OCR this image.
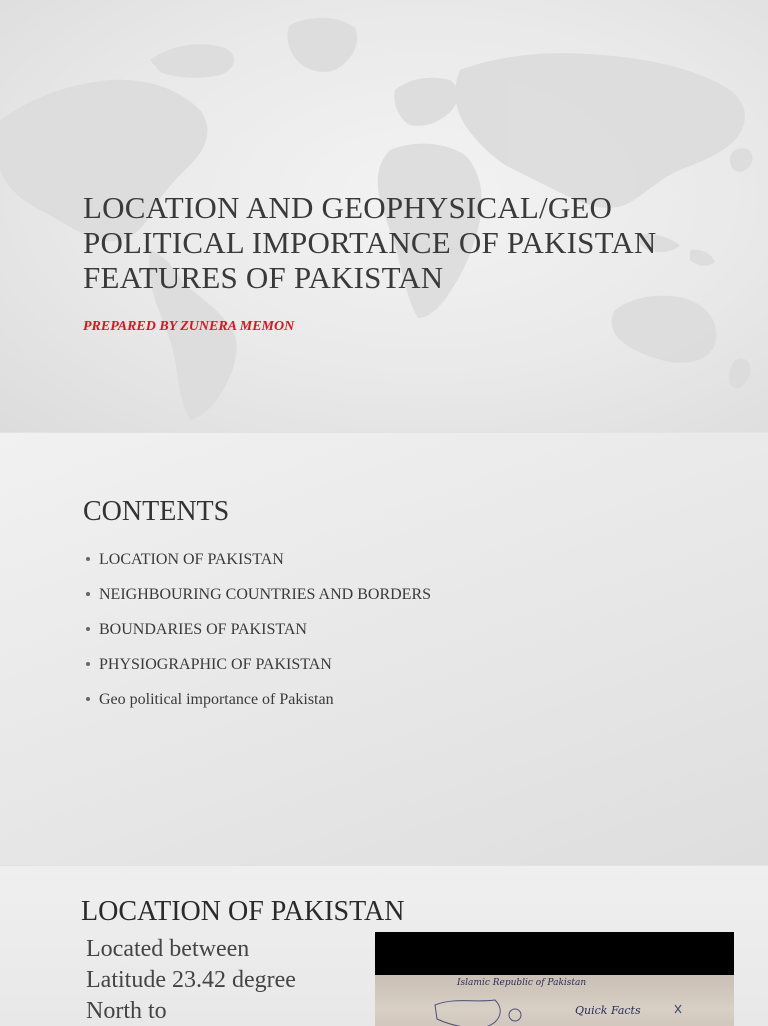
LOCATION AND GEOPHYSICAL/GEO POLITICAL IMPORTANCE OF PAKISTAN FEATURES OF PAKISTAN

PREPARED BY ZUNERA MEMON

CONTENTS
LOCATION OF PAKISTAN
NEIGHBOURING COUNTRIES AND BORDERS
BOUNDARIES OF PAKISTAN
PHYSIOGRAPHIC OF PAKISTAN
Geo political importance of Pakistan
LOCATION OF PAKISTAN

Located between Latitude 23.42 degree North to

Islamic Republic of Pakistan
Quick Facts
